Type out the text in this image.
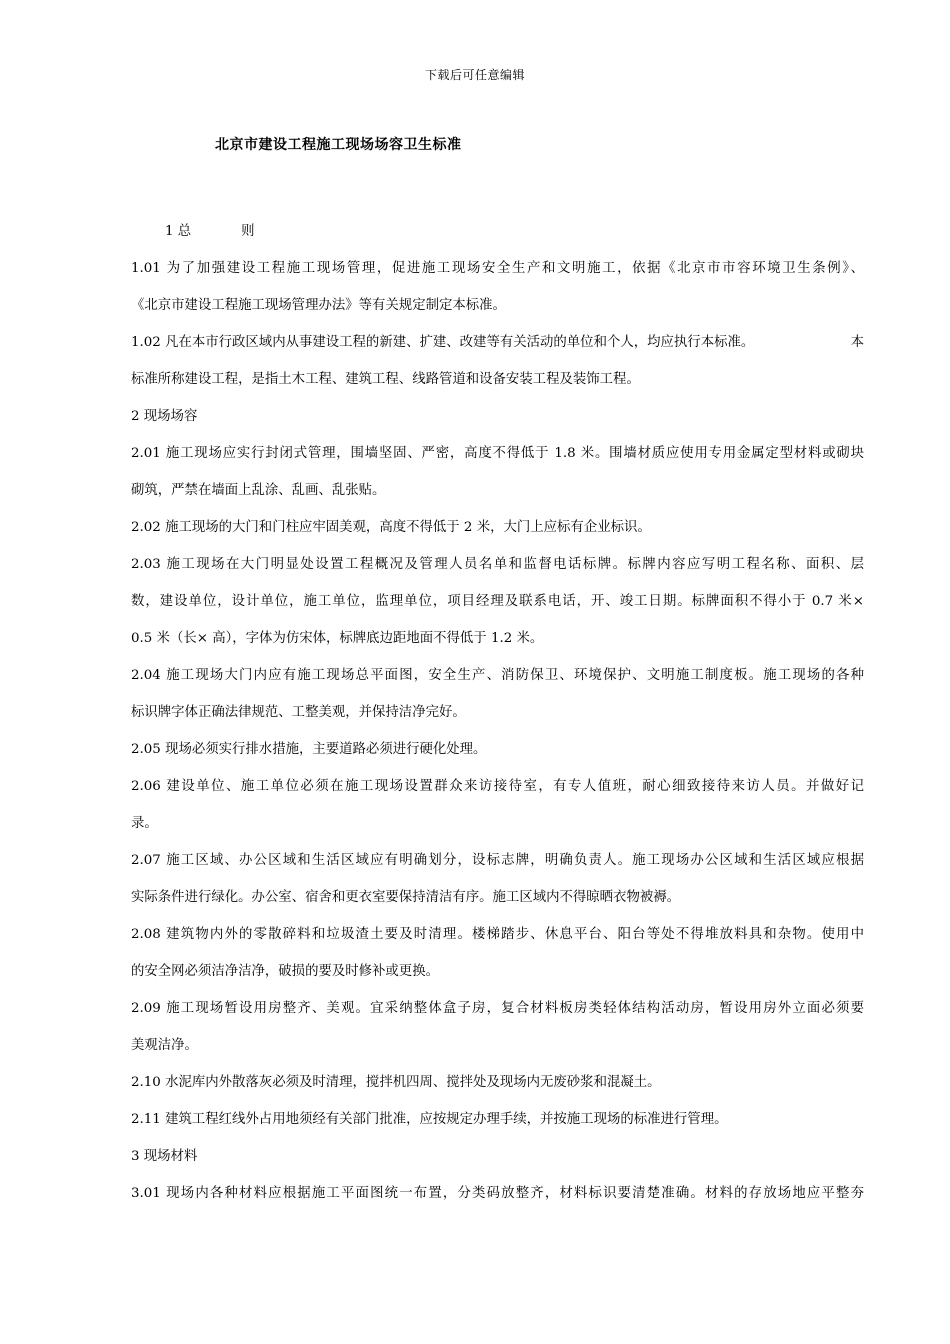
下载后可任意编辑
北京市建设工程施工现场场容卫生标准
1 总	则
1.01 为了加强建设工程施工现场管理，促进施工现场安全生产和文明施工，依据《北京市市容环境卫生条例》、
《北京市建设工程施工现场管理办法》等有关规定制定本标准。
1.02 凡在本市行政区域内从事建设工程的新建、扩建、改建等有关活动的单位和个人，均应执行本标准。	本
标准所称建设工程，是指土木工程、建筑工程、线路管道和设备安装工程及装饰工程。
2 现场场容
2.01 施工现场应实行封闭式管理，围墙坚固、严密，高度不得低于 1.8 米。围墙材质应使用专用金属定型材料或砌块
砌筑，严禁在墙面上乱涂、乱画、乱张贴。
2.02 施工现场的大门和门柱应牢固美观，高度不得低于 2 米，大门上应标有企业标识。
2.03 施工现场在大门明显处设置工程概况及管理人员名单和监督电话标牌。标牌内容应写明工程名称、面积、层
数，建设单位，设计单位，施工单位，监理单位，项目经理及联系电话，开、竣工日期。标牌面积不得小于 0.7 米×
0.5 米（长× 高），字体为仿宋体，标牌底边距地面不得低于 1.2 米。
2.04 施工现场大门内应有施工现场总平面图，安全生产、消防保卫、环境保护、文明施工制度板。施工现场的各种
标识牌字体正确法律规范、工整美观，并保持洁净完好。
2.05 现场必须实行排水措施，主要道路必须进行硬化处理。
2.06 建设单位、施工单位必须在施工现场设置群众来访接待室，有专人值班，耐心细致接待来访人员。并做好记
录。
2.07 施工区域、办公区域和生活区域应有明确划分，设标志牌，明确负责人。施工现场办公区域和生活区域应根据
实际条件进行绿化。办公室、宿舍和更衣室要保持清洁有序。施工区域内不得晾晒衣物被褥。
2.08 建筑物内外的零散碎料和垃圾渣土要及时清理。楼梯踏步、休息平台、阳台等处不得堆放料具和杂物。使用中
的安全网必须洁净洁净，破损的要及时修补或更换。
2.09 施工现场暂设用房整齐、美观。宜采纳整体盒子房，复合材料板房类轻体结构活动房，暂设用房外立面必须要
美观洁净。
2.10 水泥库内外散落灰必须及时清理，搅拌机四周、搅拌处及现场内无废砂浆和混凝土。
2.11 建筑工程红线外占用地须经有关部门批准，应按规定办理手续，并按施工现场的标准进行管理。
3 现场材料
3.01 现场内各种材料应根据施工平面图统一布置，分类码放整齐，材料标识要清楚准确。材料的存放场地应平整夯
